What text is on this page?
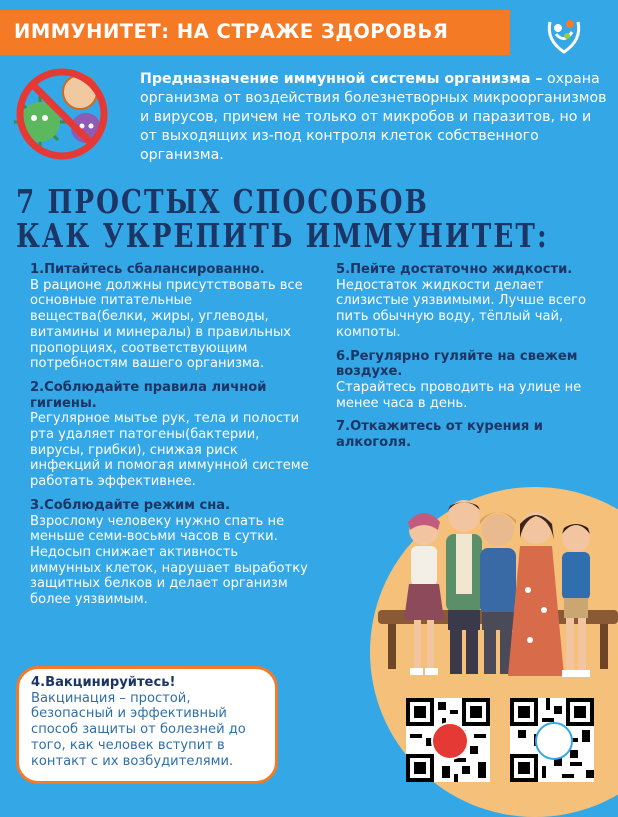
ИММУНИТЕТ: НА СТРАЖЕ ЗДОРОВЬЯ
Предназначение иммунной системы организма – охрана организма от воздействия болезнетворных микроорганизмов и вирусов, причем не только от микробов и паразитов, но и от выходящих из-под контроля клеток собственного организма.
7 ПРОСТЫХ СПОСОБОВ
КАК УКРЕПИТЬ ИММУНИТЕТ:
1.Питайтесь сбалансированно.
В рационе должны присутствовать все основные питательные вещества(белки, жиры, углеводы, витамины и минералы) в правильных пропорциях, соответствующим потребностям вашего организма.
2.Соблюдайте правила личной гигиены.
Регулярное мытье рук, тела и полости рта удаляет патогены(бактерии, вирусы, грибки), снижая риск инфекций и помогая иммунной системе работать эффективнее.
3.Соблюдайте режим сна.
Взрослому человеку нужно спать не меньше семи-восьми часов в сутки. Недосып снижает активность иммунных клеток, нарушает выработку защитных белков и делает организм более уязвимым.
5.Пейте достаточно жидкости.
Недостаток жидкости делает слизистые уязвимыми. Лучше всего пить обычную воду, тёплый чай, компоты.
6.Регулярно гуляйте на свежем воздухе.
Старайтесь проводить на улице не менее часа в день.
7.Откажитесь от курения и алкоголя.
4.Вакцинируйтесь!
Вакцинация – простой, безопасный и эффективный способ защиты от болезней до того, как человек вступит в контакт с их возбудителями.
